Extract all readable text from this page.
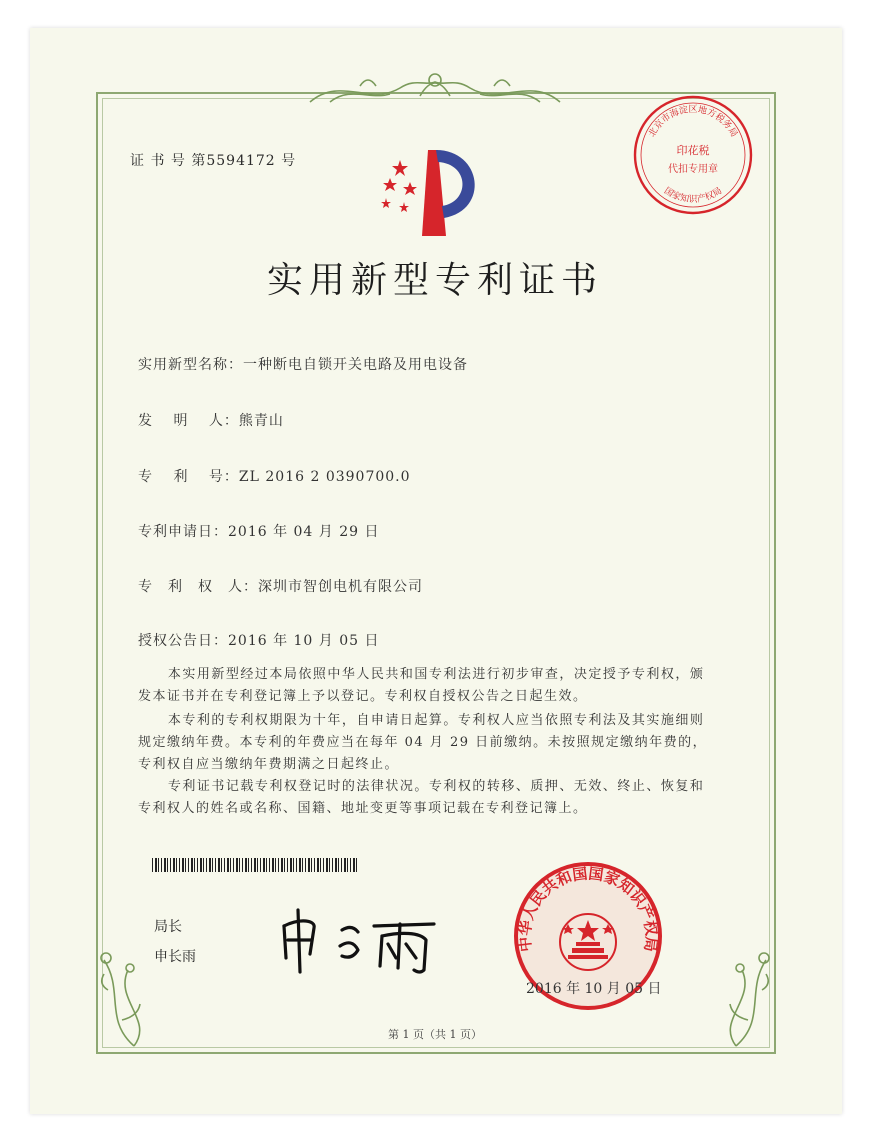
证 书 号 第5594172 号
实用新型专利证书
北京市海淀区地方税务局
印花税
代扣专用章
国家知识产权局
实用新型名称：一种断电自锁开关电路及用电设备
发　 明　 人：熊青山
专　 利　 号：ZL 2016 2 0390700.0
专利申请日：2016 年 04 月 29 日
专　利　权　人：深圳市智创电机有限公司
授权公告日：2016 年 10 月 05 日
本实用新型经过本局依照中华人民共和国专利法进行初步审查，决定授予专利权，颁发本证书并在专利登记簿上予以登记。专利权自授权公告之日起生效。
本专利的专利权期限为十年，自申请日起算。专利权人应当依照专利法及其实施细则规定缴纳年费。本专利的年费应当在每年 04 月 29 日前缴纳。未按照规定缴纳年费的，专利权自应当缴纳年费期满之日起终止。
专利证书记载专利权登记时的法律状况。专利权的转移、质押、无效、终止、恢复和专利权人的姓名或名称、国籍、地址变更等事项记载在专利登记簿上。
局长
申长雨
中华人民共和国国家知识产权局
2016 年 10 月 05 日
第 1 页（共 1 页）
